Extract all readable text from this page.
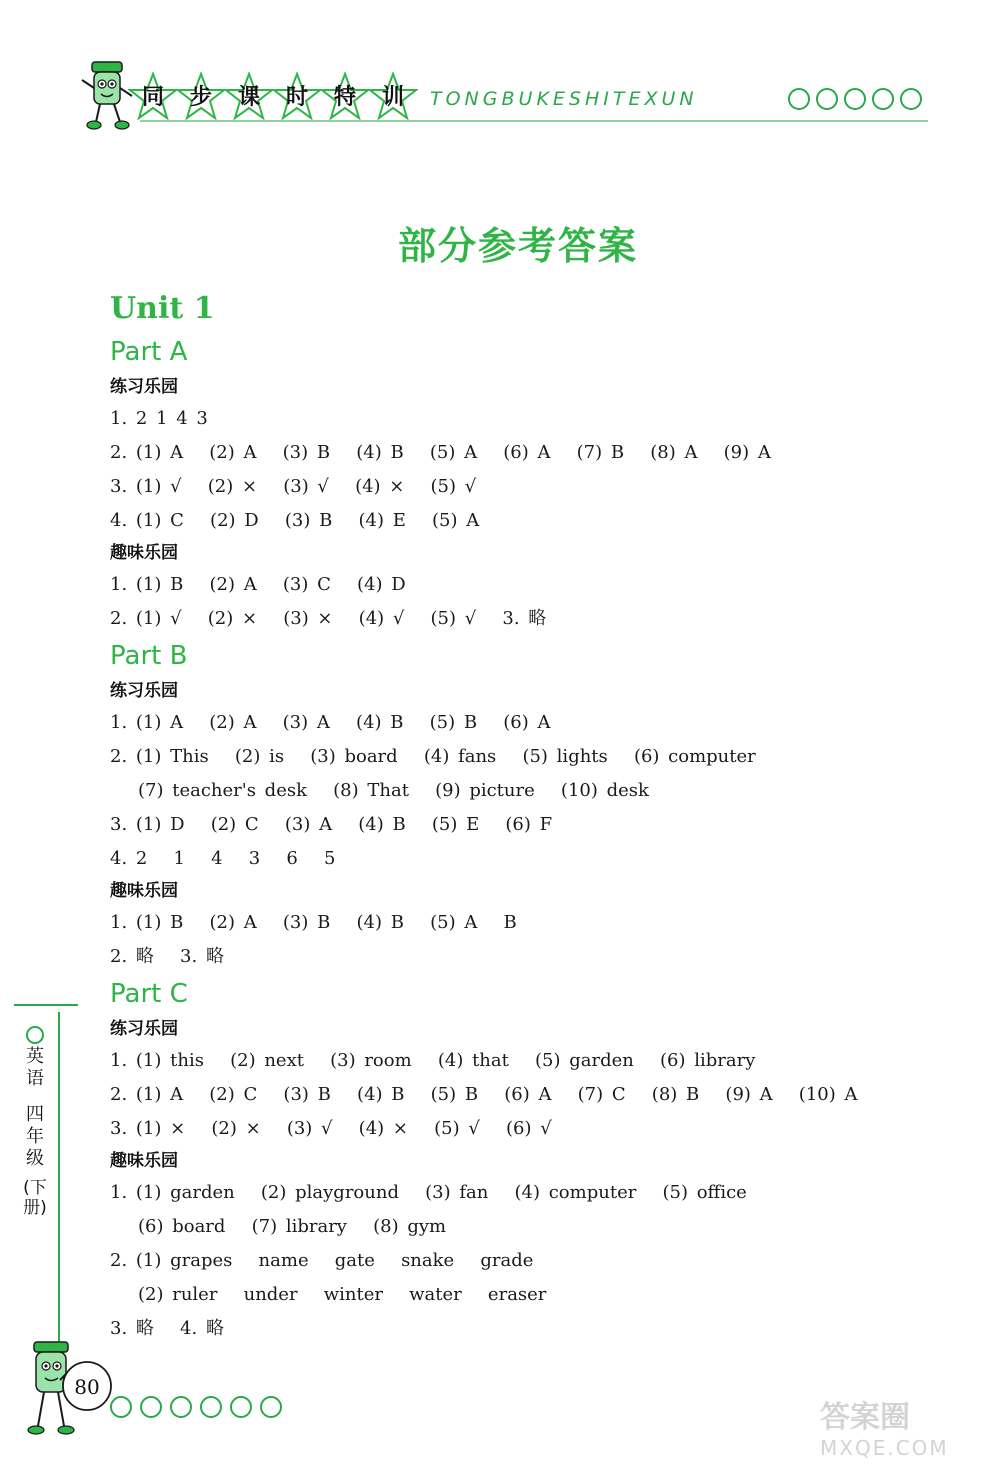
同	步	课	时	特	训	TONGBUKESHITEXUN
部分参考答案
Unit 1
Part A
练习乐园
1. 2 1 4 3
2. (1) A   (2) A   (3) B   (4) B   (5) A   (6) A   (7) B   (8) A   (9) A
3. (1) √   (2) ×   (3) √   (4) ×   (5) √
4. (1) C   (2) D   (3) B   (4) E   (5) A
趣味乐园
1. (1) B   (2) A   (3) C   (4) D
2. (1) √   (2) ×   (3) ×   (4) √   (5) √   3. 略
Part B
练习乐园
1. (1) A   (2) A   (3) A   (4) B   (5) B   (6) A
2. (1) This   (2) is   (3) board   (4) fans   (5) lights   (6) computer
(7) teacher's desk   (8) That   (9) picture   (10) desk
3. (1) D   (2) C   (3) A   (4) B   (5) E   (6) F
4. 2   1   4   3   6   5
趣味乐园
1. (1) B   (2) A   (3) B   (4) B   (5) A   B
2. 略   3. 略
Part C
练习乐园
1. (1) this   (2) next   (3) room   (4) that   (5) garden   (6) library
2. (1) A   (2) C   (3) B   (4) B   (5) B   (6) A   (7) C   (8) B   (9) A   (10) A
3. (1) ×   (2) ×   (3) √   (4) ×   (5) √   (6) √
趣味乐园
1. (1) garden   (2) playground   (3) fan   (4) computer   (5) office
(6) board   (7) library   (8) gym
2. (1) grapes   name   gate   snake   grade
(2) ruler   under   winter   water   eraser
3. 略   4. 略
英语
四年级
(下册)
80
答案圈
MXQE.COM
